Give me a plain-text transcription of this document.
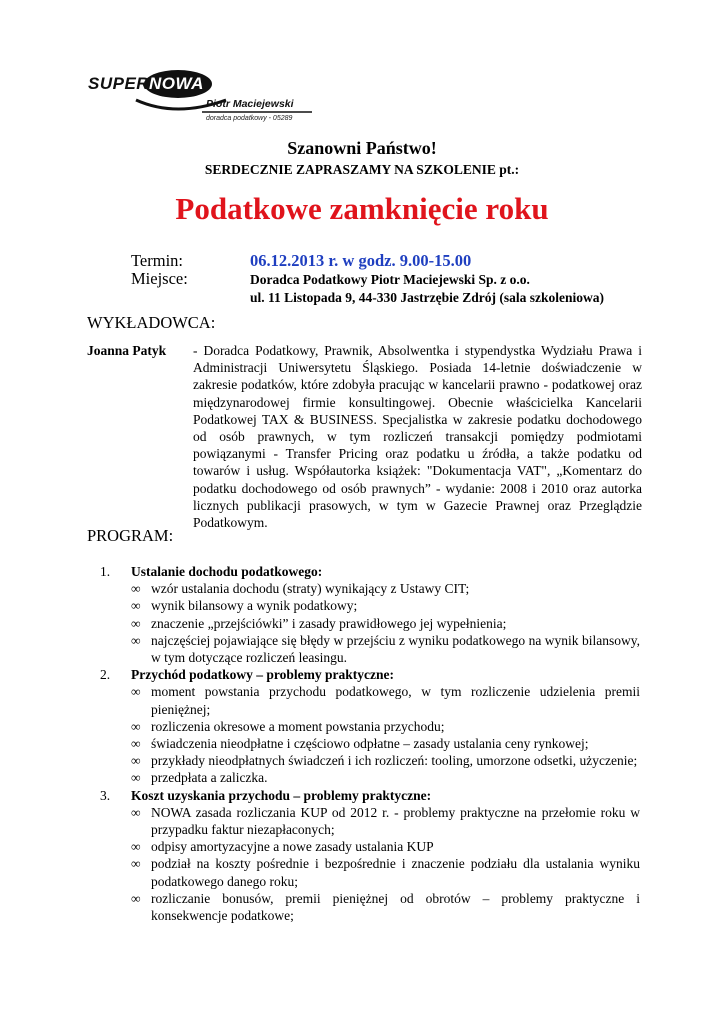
SUPER NOWA
Piotr Maciejewski
doradca podatkowy - 05289
Szanowni Państwo!
SERDECZNIE ZAPRASZAMY NA SZKOLENIE pt.:
Podatkowe zamknięcie roku
Termin:	06.12.2013 r. w godz. 9.00-15.00
Miejsce:	Doradca Podatkowy Piotr Maciejewski Sp. z o.o.
ul. 11 Listopada 9, 44-330 Jastrzębie Zdrój (sala szkoleniowa)
WYKŁADOWCA:
Joanna Patyk - Doradca Podatkowy, Prawnik, Absolwentka i stypendystka Wydziału Prawa i Administracji Uniwersytetu Śląskiego. Posiada 14-letnie doświadczenie w zakresie podatków, które zdobyła pracując w kancelarii prawno - podatkowej oraz międzynarodowej firmie konsultingowej. Obecnie właścicielka Kancelarii Podatkowej TAX & BUSINESS. Specjalistka w zakresie podatku dochodowego od osób prawnych, w tym rozliczeń transakcji pomiędzy podmiotami powiązanymi - Transfer Pricing oraz podatku u źródła, a także podatku od towarów i usług. Współautorka książek: "Dokumentacja VAT", „Komentarz do podatku dochodowego od osób prawnych” - wydanie: 2008 i 2010 oraz autorka licznych publikacji prasowych, w tym w Gazecie Prawnej oraz Przeglądzie Podatkowym.
PROGRAM:
1.	Ustalanie dochodu podatkowego:
∞ wzór ustalania dochodu (straty) wynikający z Ustawy CIT;
∞ wynik bilansowy a wynik podatkowy;
∞ znaczenie „przejściówki” i zasady prawidłowego jej wypełnienia;
∞ najczęściej pojawiające się błędy w przejściu z wyniku podatkowego na wynik bilansowy, w tym dotyczące rozliczeń leasingu.
2.	Przychód podatkowy – problemy praktyczne:
∞ moment powstania przychodu podatkowego, w tym rozliczenie udzielenia premii pieniężnej;
∞ rozliczenia okresowe a moment powstania przychodu;
∞ świadczenia nieodpłatne i częściowo odpłatne – zasady ustalania ceny rynkowej;
∞ przykłady nieodpłatnych świadczeń i ich rozliczeń: tooling, umorzone odsetki, użyczenie;
∞ przedpłata a zaliczka.
3.	Koszt uzyskania przychodu – problemy praktyczne:
∞ NOWA zasada rozliczania KUP od 2012 r. - problemy praktyczne na przełomie roku w przypadku faktur niezapłaconych;
∞ odpisy amortyzacyjne a nowe zasady ustalania KUP
∞ podział na koszty pośrednie i bezpośrednie i znaczenie podziału dla ustalania wyniku podatkowego danego roku;
∞ rozliczanie bonusów, premii pieniężnej od obrotów – problemy praktyczne i konsekwencje podatkowe;
